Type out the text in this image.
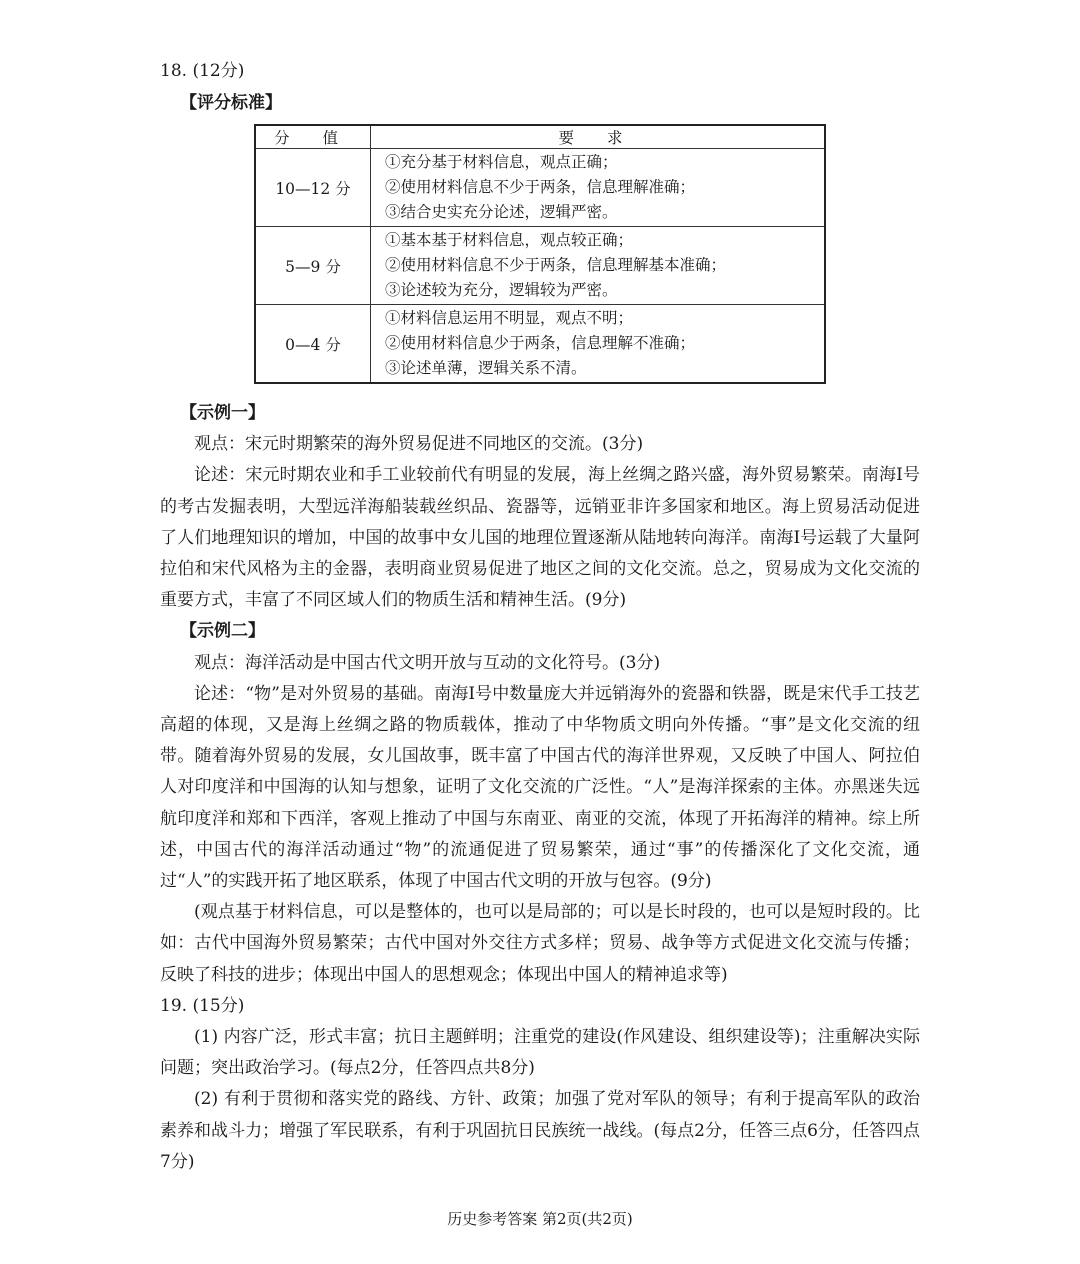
18. (12分)
【评分标准】
分 值	要 求
10—12 分	①充分基于材料信息，观点正确；
②使用材料信息不少于两条，信息理解准确；
③结合史实充分论述，逻辑严密。

5—9 分	①基本基于材料信息，观点较正确；
②使用材料信息不少于两条，信息理解基本准确；
③论述较为充分，逻辑较为严密。

0—4 分	①材料信息运用不明显，观点不明；
②使用材料信息少于两条，信息理解不准确；
③论述单薄，逻辑关系不清。
【示例一】
观点：宋元时期繁荣的海外贸易促进不同地区的交流。(3分)
论述：宋元时期农业和手工业较前代有明显的发展，海上丝绸之路兴盛，海外贸易繁荣。南海Ⅰ号的考古发掘表明，大型远洋海船装载丝织品、瓷器等，远销亚非许多国家和地区。海上贸易活动促进了人们地理知识的增加，中国的故事中女儿国的地理位置逐渐从陆地转向海洋。南海Ⅰ号运载了大量阿拉伯和宋代风格为主的金器，表明商业贸易促进了地区之间的文化交流。总之，贸易成为文化交流的重要方式，丰富了不同区域人们的物质生活和精神生活。(9分)
【示例二】
观点：海洋活动是中国古代文明开放与互动的文化符号。(3分)
论述：“物”是对外贸易的基础。南海Ⅰ号中数量庞大并远销海外的瓷器和铁器，既是宋代手工技艺高超的体现，又是海上丝绸之路的物质载体，推动了中华物质文明向外传播。“事”是文化交流的纽带。随着海外贸易的发展，女儿国故事，既丰富了中国古代的海洋世界观，又反映了中国人、阿拉伯人对印度洋和中国海的认知与想象，证明了文化交流的广泛性。“人”是海洋探索的主体。亦黑迷失远航印度洋和郑和下西洋，客观上推动了中国与东南亚、南亚的交流，体现了开拓海洋的精神。综上所述，中国古代的海洋活动通过“物”的流通促进了贸易繁荣，通过“事”的传播深化了文化交流，通过“人”的实践开拓了地区联系，体现了中国古代文明的开放与包容。(9分)
(观点基于材料信息，可以是整体的，也可以是局部的；可以是长时段的，也可以是短时段的。比如：古代中国海外贸易繁荣；古代中国对外交往方式多样；贸易、战争等方式促进文化交流与传播；反映了科技的进步；体现出中国人的思想观念；体现出中国人的精神追求等)
19. (15分)
(1) 内容广泛，形式丰富；抗日主题鲜明；注重党的建设(作风建设、组织建设等)；注重解决实际问题；突出政治学习。(每点2分，任答四点共8分)
(2) 有利于贯彻和落实党的路线、方针、政策；加强了党对军队的领导；有利于提高军队的政治素养和战斗力；增强了军民联系，有利于巩固抗日民族统一战线。(每点2分，任答三点6分，任答四点7分)
历史参考答案 第2页(共2页)
